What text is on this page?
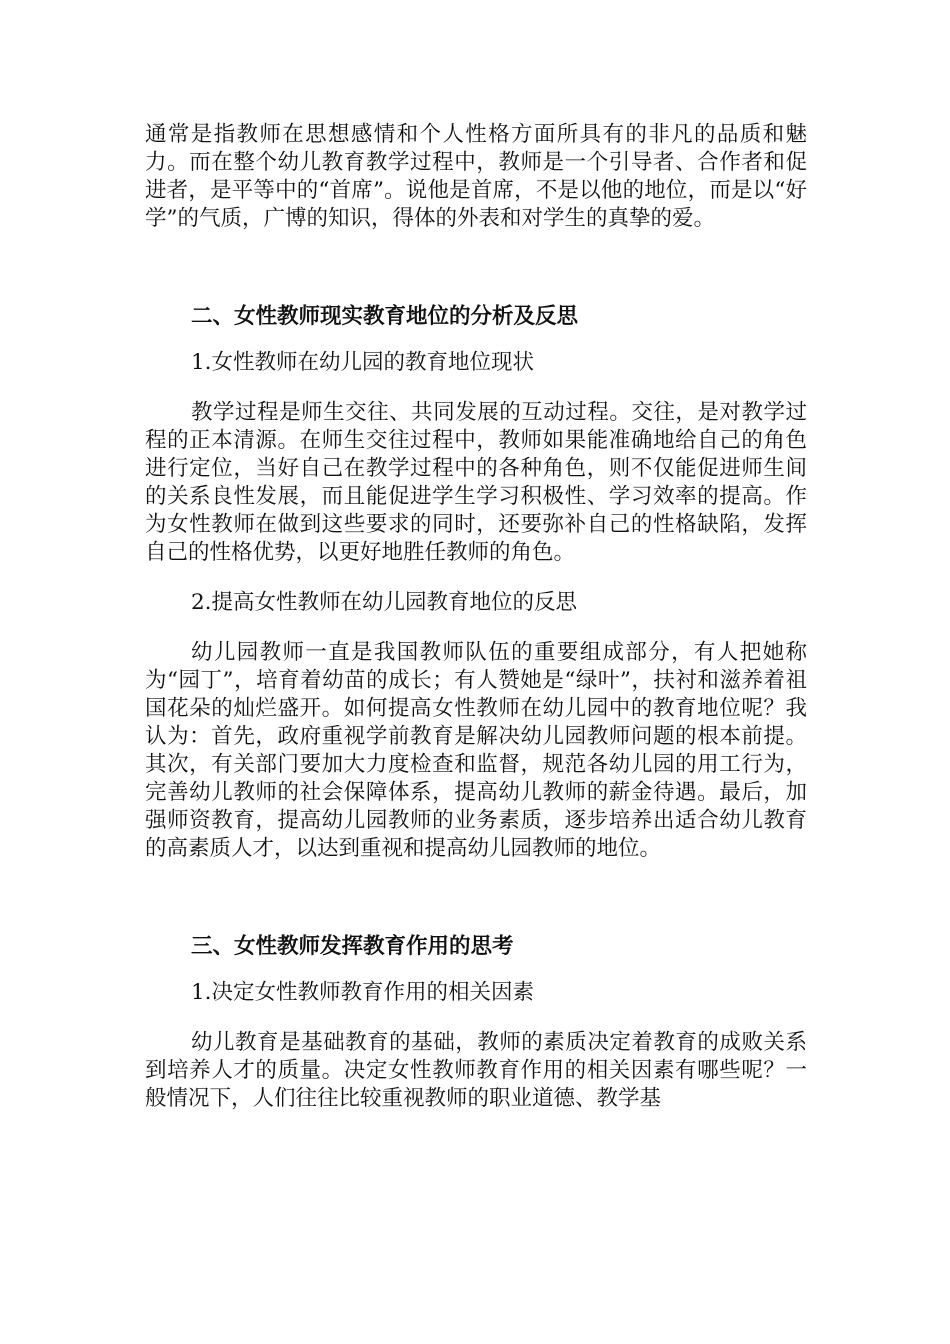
通常是指教师在思想感情和个人性格方面所具有的非凡的品质和魅力。而在整个幼儿教育教学过程中，教师是一个引导者、合作者和促进者，是平等中的“首席”。说他是首席，不是以他的地位，而是以“好学”的气质，广博的知识，得体的外表和对学生的真挚的爱。

二、女性教师现实教育地位的分析及反思

1.女性教师在幼儿园的教育地位现状

教学过程是师生交往、共同发展的互动过程。交往，是对教学过程的正本清源。在师生交往过程中，教师如果能准确地给自己的角色进行定位，当好自己在教学过程中的各种角色，则不仅能促进师生间的关系良性发展，而且能促进学生学习积极性、学习效率的提高。作为女性教师在做到这些要求的同时，还要弥补自己的性格缺陷，发挥自己的性格优势，以更好地胜任教师的角色。

2.提高女性教师在幼儿园教育地位的反思

幼儿园教师一直是我国教师队伍的重要组成部分，有人把她称为“园丁”，培育着幼苗的成长；有人赞她是“绿叶”，扶衬和滋养着祖国花朵的灿烂盛开。如何提高女性教师在幼儿园中的教育地位呢？我认为：首先，政府重视学前教育是解决幼儿园教师问题的根本前提。其次，有关部门要加大力度检查和监督，规范各幼儿园的用工行为，完善幼儿教师的社会保障体系，提高幼儿教师的薪金待遇。最后，加强师资教育，提高幼儿园教师的业务素质，逐步培养出适合幼儿教育的高素质人才，以达到重视和提高幼儿园教师的地位。

三、女性教师发挥教育作用的思考

1.决定女性教师教育作用的相关因素

幼儿教育是基础教育的基础，教师的素质决定着教育的成败关系到培养人才的质量。决定女性教师教育作用的相关因素有哪些呢？一般情况下，人们往往比较重视教师的职业道德、教学基
